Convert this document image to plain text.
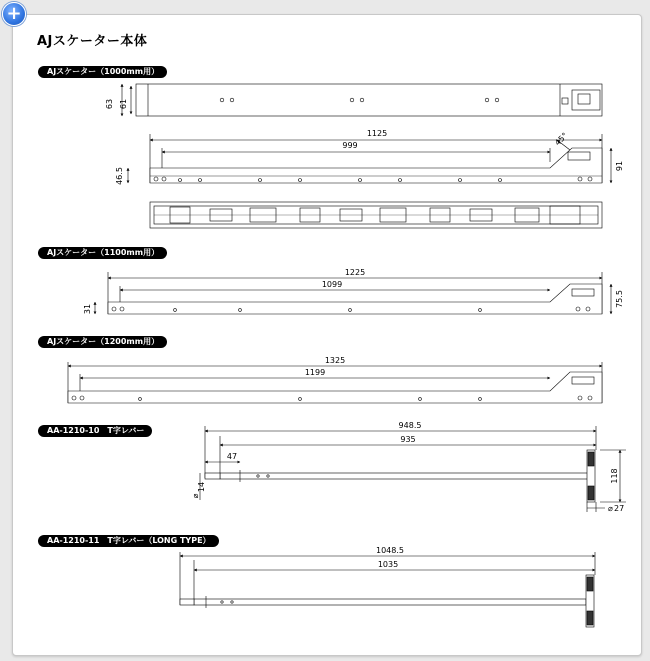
+
AJスケーター本体
AJスケーター（1000mm用）
AJスケーター（1100mm用）
AJスケーター（1200mm用）
AA-1210-10　T字レバー
AA-1210-11　T字レバー（LONG TYPE）
63 61
1125
999	45°
91
46.5
1225
1099
31
75.5
1325
1199
948.5
935
47
14
⌀
118
⌀ 27
1048.5
1035
